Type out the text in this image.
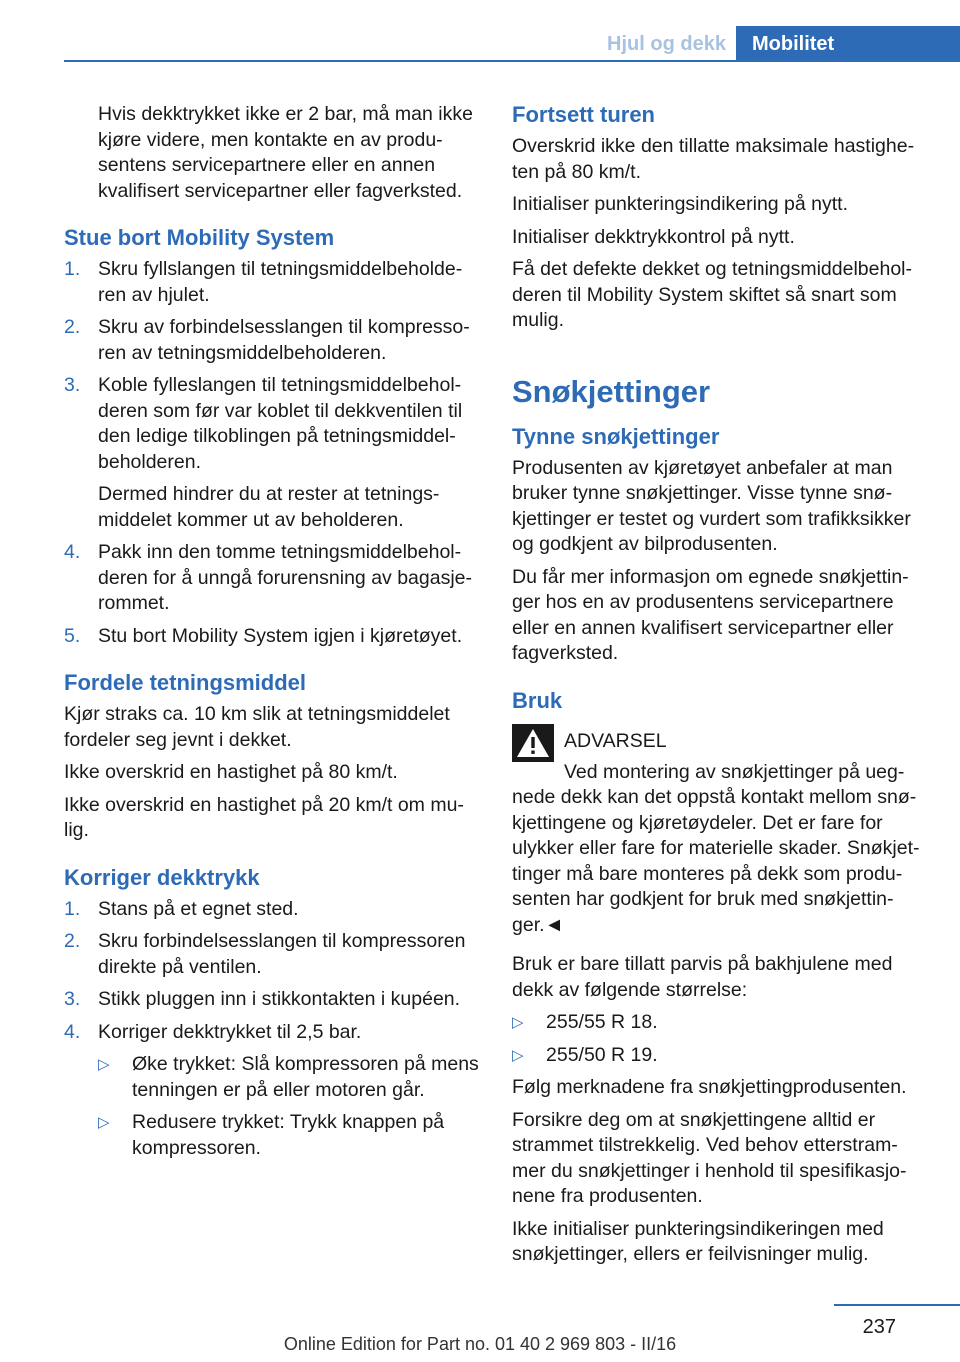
Hjul og dekk	Mobilitet

Hvis dekktrykket ikke er 2 bar, må man ikke kjøre videre, men kontakte en av produ-sentens servicepartnere eller en annen kvalifisert servicepartner eller fagverksted.

Stue bort Mobility System
1. Skru fyllslangen til tetningsmiddelbeholde-ren av hjulet.
2. Skru av forbindelsesslangen til kompresso-ren av tetningsmiddelbeholderen.
3. Koble fylleslangen til tetningsmiddelbehol-deren som før var koblet til dekkventilen til den ledige tilkoblingen på tetningsmiddel-beholderen.

Dermed hindrer du at rester at tetnings-middelet kommer ut av beholderen.

4. Pakk inn den tomme tetningsmiddelbehol-deren for å unngå forurensning av bagasje-rommet.
5. Stu bort Mobility System igjen i kjøretøyet.
Fordele tetningsmiddel

Kjør straks ca. 10 km slik at tetningsmiddelet fordeler seg jevnt i dekket.

Ikke overskrid en hastighet på 80 km/t.

Ikke overskrid en hastighet på 20 km/t om mu-lig.

Korriger dekktrykk
1. Stans på et egnet sted.
2. Skru forbindelsesslangen til kompressoren direkte på ventilen.
3. Stikk pluggen inn i stikkontakten i kupéen.
4. Korriger dekktrykket til 2,5 bar.
▷	Øke trykket: Slå kompressoren på mens tenningen er på eller motoren går.
▷	Redusere trykket: Trykk knappen på kompressoren.
Fortsett turen

Overskrid ikke den tillatte maksimale hastighe-ten på 80 km/t.

Initialiser punkteringsindikering på nytt.

Initialiser dekktrykkontrol på nytt.

Få det defekte dekket og tetningsmiddelbehol-deren til Mobility System skiftet så snart som mulig.

Snøkjettinger
Tynne snøkjettinger

Produsenten av kjøretøyet anbefaler at man bruker tynne snøkjettinger. Visse tynne snø-kjettinger er testet og vurdert som trafikksikker og godkjent av bilprodusenten.

Du får mer informasjon om egnede snøkjettin-ger hos en av produsentens servicepartnere eller en annen kvalifisert servicepartner eller fagverksted.

Bruk
ADVARSEL

Ved montering av snøkjettinger på ueg-nede dekk kan det oppstå kontakt mellom snø-kjettingene og kjøretøydeler. Det er fare for ulykker eller fare for materielle skader. Snøkjet-tinger må bare monteres på dekk som produ-senten har godkjent for bruk med snøkjettin-ger.◄

Bruk er bare tillatt parvis på bakhjulene med dekk av følgende størrelse:

▷	255/55 R 18.
▷	255/50 R 19.

Følg merknadene fra snøkjettingprodusenten.

Forsikre deg om at snøkjettingene alltid er strammet tilstrekkelig. Ved behov etterstram-mer du snøkjettinger i henhold til spesifikasjo-nene fra produsenten.

Ikke initialiser punkteringsindikeringen med snøkjettinger, ellers er feilvisninger mulig.

237
Online Edition for Part no. 01 40 2 969 803 - II/16
